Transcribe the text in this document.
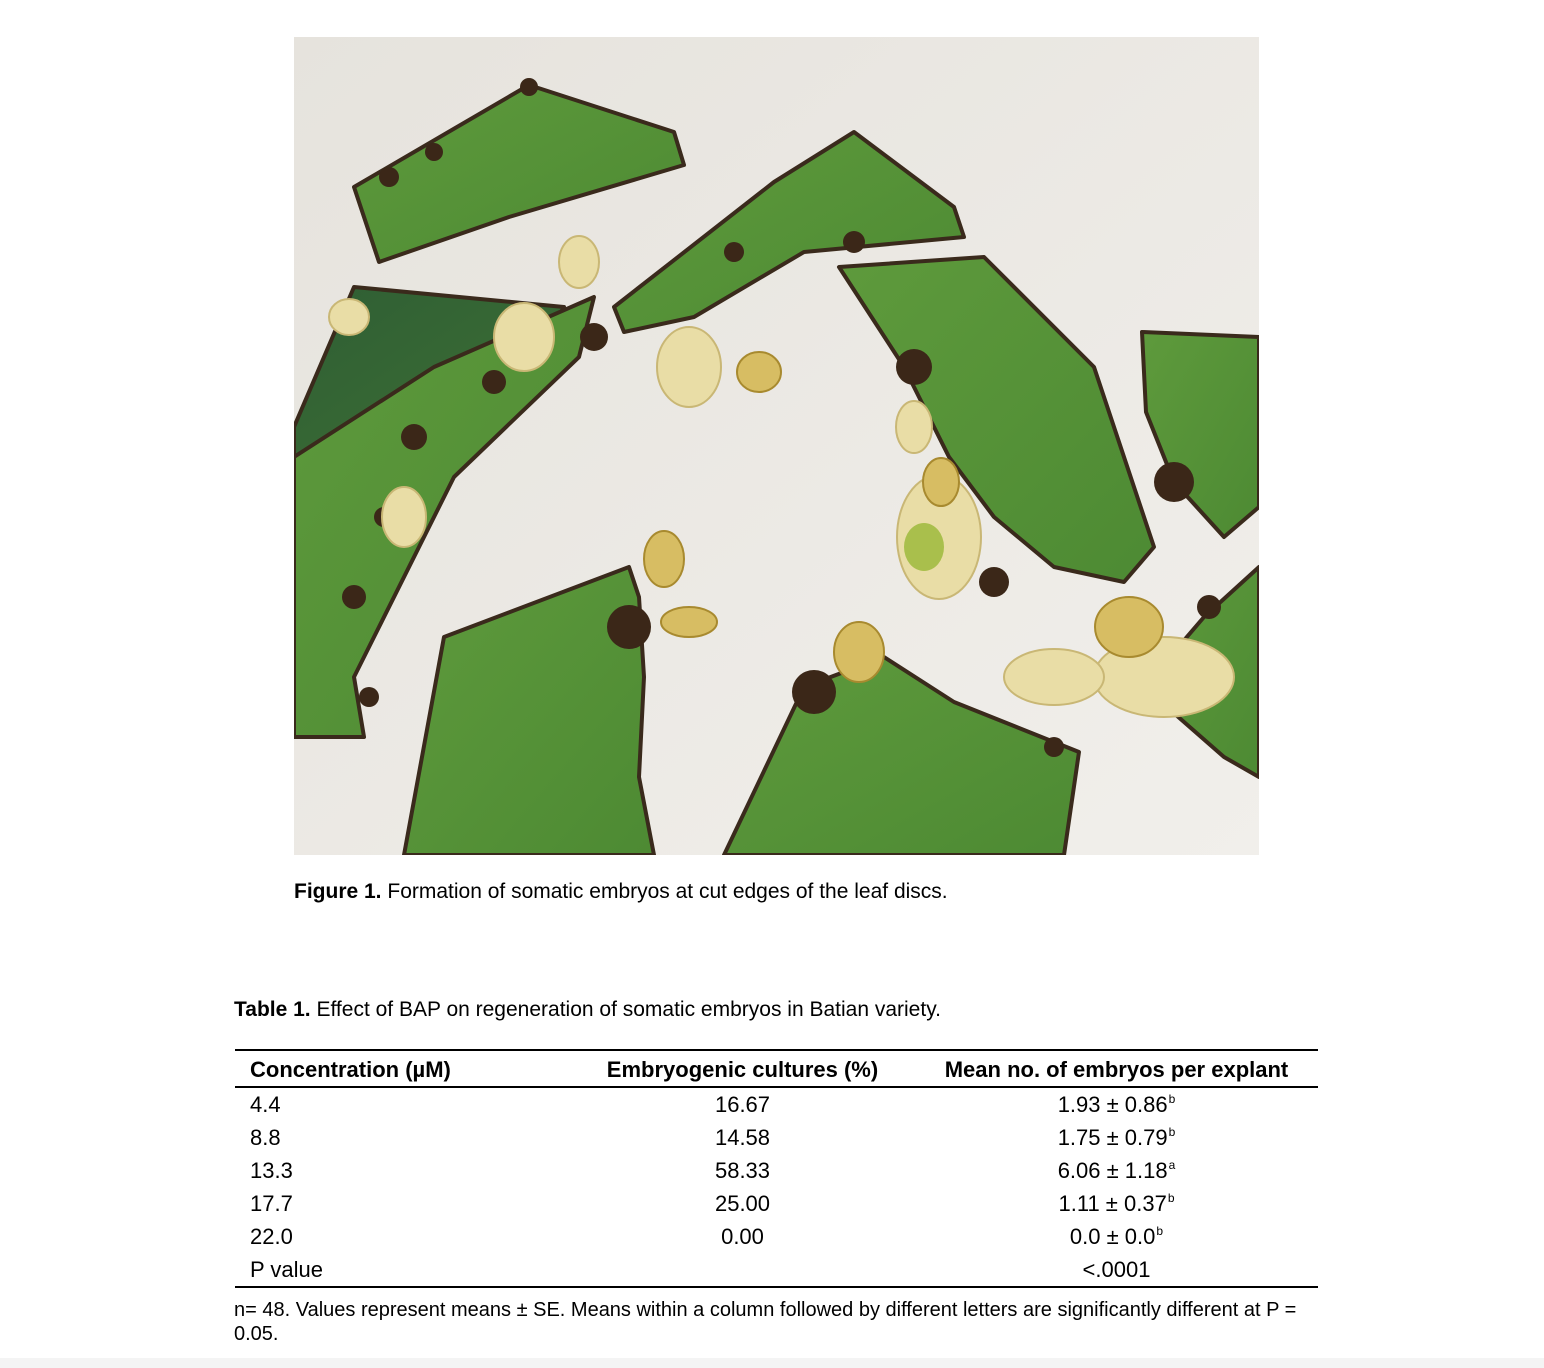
Figure 1. Formation of somatic embryos at cut edges of the leaf discs.
Table 1. Effect of BAP on regeneration of somatic embryos in Batian variety.
Concentration (µM)	Embryogenic cultures (%)	Mean no. of embryos per explant
4.4	16.67	1.93 ± 0.86$^b$
8.8	14.58	1.75 ± 0.79$^b$
13.3	58.33	6.06 ± 1.18$^a$
17.7	25.00	1.11 ± 0.37$^b$
22.0	0.00	0.0 ± 0.0$^b$
P value		<.0001
n= 48. Values represent means ± SE. Means within a column followed by different letters are significantly different at P = 0.05.
